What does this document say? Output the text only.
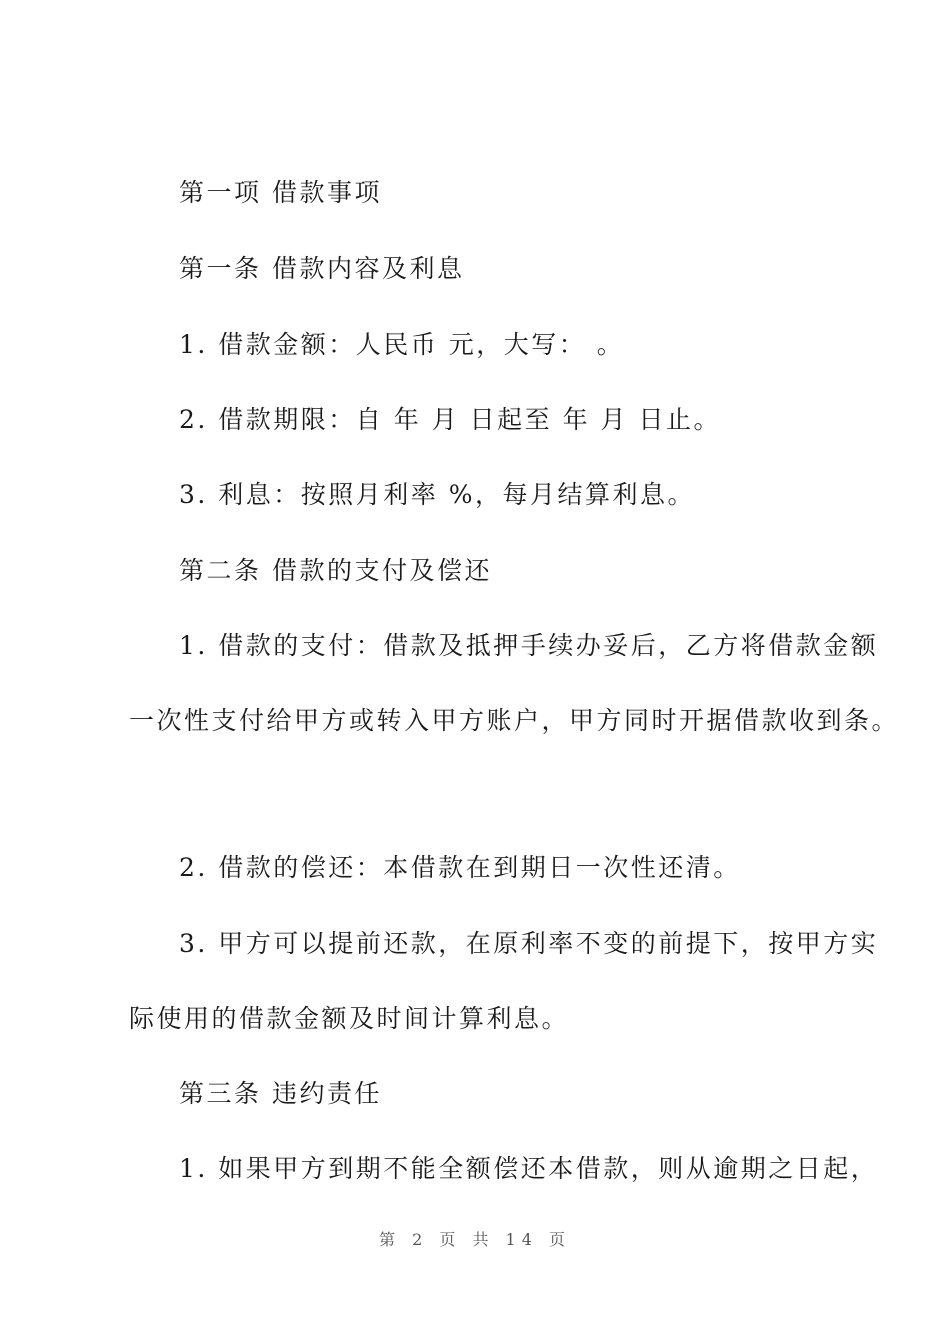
第一项 借款事项
第一条 借款内容及利息
1. 借款金额：人民币 元，大写： 。
2. 借款期限：自 年 月 日起至 年 月 日止。
3. 利息：按照月利率 %，每月结算利息。
第二条 借款的支付及偿还
1. 借款的支付：借款及抵押手续办妥后，乙方将借款金额
一次性支付给甲方或转入甲方账户，甲方同时开据借款收到条。
2. 借款的偿还：本借款在到期日一次性还清。
3. 甲方可以提前还款，在原利率不变的前提下，按甲方实
际使用的借款金额及时间计算利息。
第三条 违约责任
1. 如果甲方到期不能全额偿还本借款，则从逾期之日起，
第 2 页 共 14 页
